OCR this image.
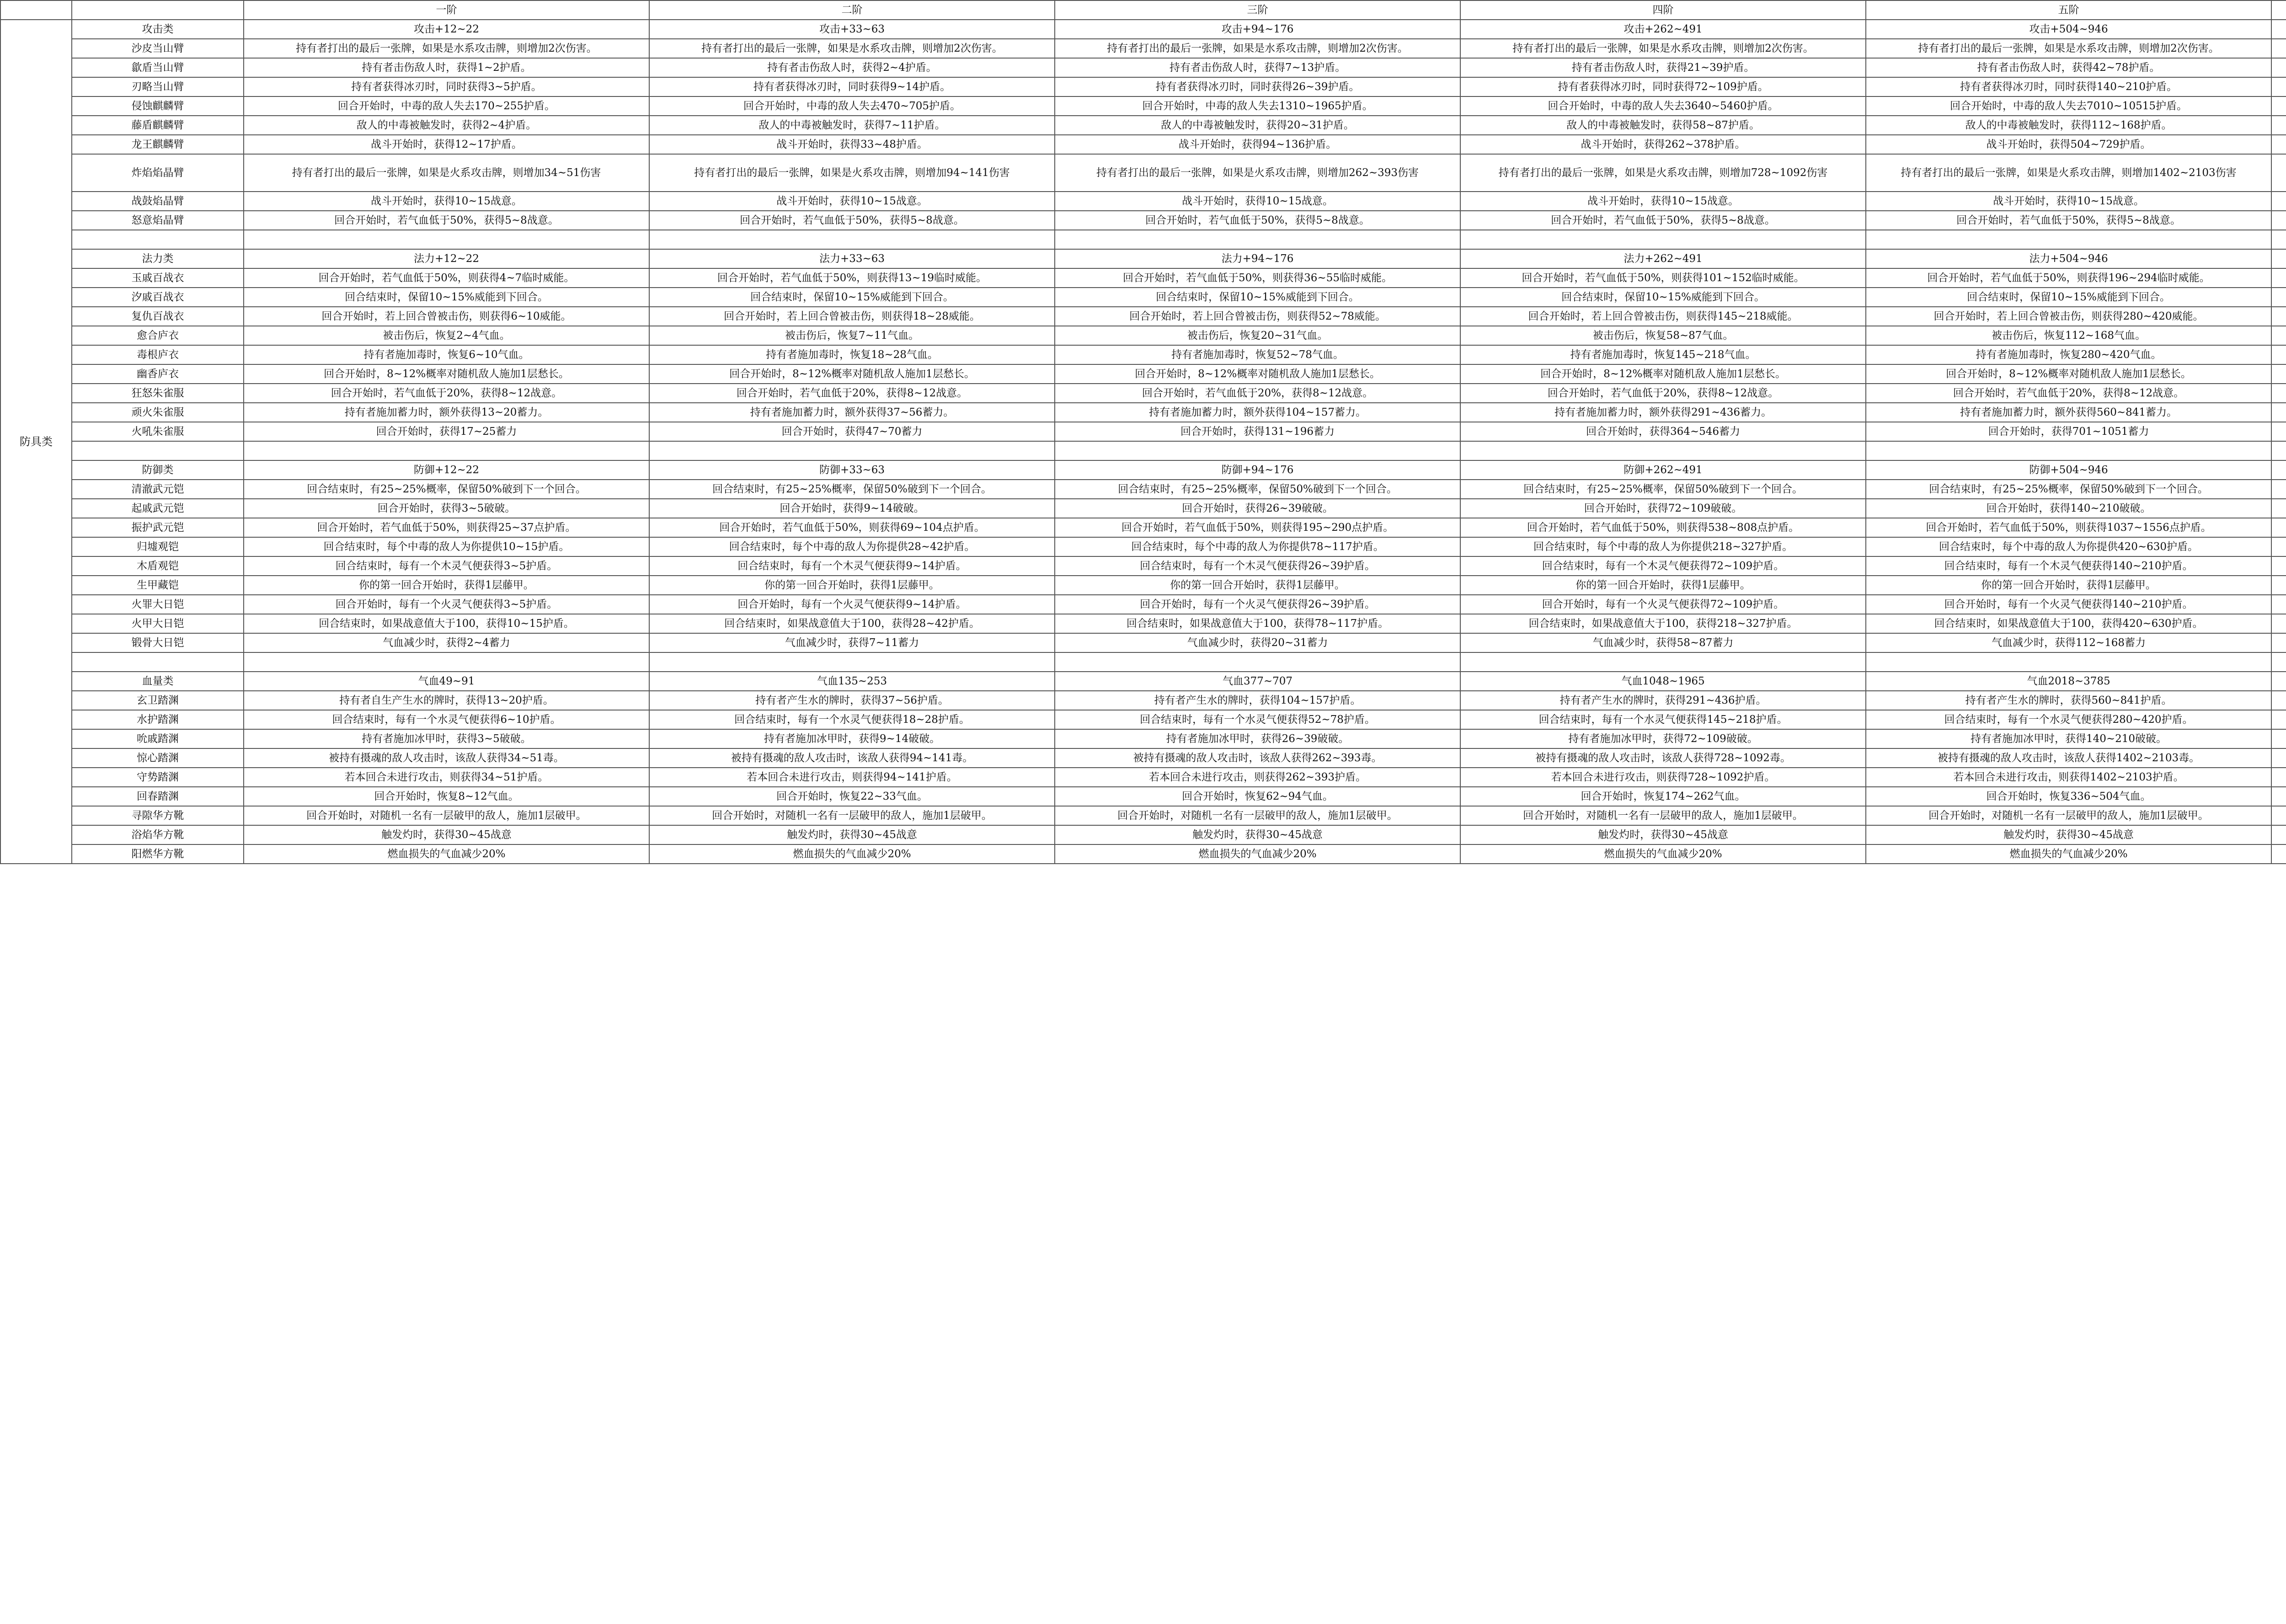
		一阶	二阶	三阶	四阶	五阶			
防具类	攻击类	攻击+12~22	攻击+33~63	攻击+94~176	攻击+262~491	攻击+504~946			
	沙皮当山臂	持有者打出的最后一张牌，如果是水系攻击牌，则增加2次伤害。	持有者打出的最后一张牌，如果是水系攻击牌，则增加2次伤害。	持有者打出的最后一张牌，如果是水系攻击牌，则增加2次伤害。	持有者打出的最后一张牌，如果是水系攻击牌，则增加2次伤害。	持有者打出的最后一张牌，如果是水系攻击牌，则增加2次伤害。			
	歙盾当山臂	持有者击伤敌人时，获得1~2护盾。	持有者击伤敌人时，获得2~4护盾。	持有者击伤敌人时，获得7~13护盾。	持有者击伤敌人时，获得21~39护盾。	持有者击伤敌人时，获得42~78护盾。			
	刃略当山臂	持有者获得冰刃时，同时获得3~5护盾。	持有者获得冰刃时，同时获得9~14护盾。	持有者获得冰刃时，同时获得26~39护盾。	持有者获得冰刃时，同时获得72~109护盾。	持有者获得冰刃时，同时获得140~210护盾。			
	侵蚀麒麟臂	回合开始时，中毒的敌人失去170~255护盾。	回合开始时，中毒的敌人失去470~705护盾。	回合开始时，中毒的敌人失去1310~1965护盾。	回合开始时，中毒的敌人失去3640~5460护盾。	回合开始时，中毒的敌人失去7010~10515护盾。			
	藤盾麒麟臂	敌人的中毒被触发时，获得2~4护盾。	敌人的中毒被触发时，获得7~11护盾。	敌人的中毒被触发时，获得20~31护盾。	敌人的中毒被触发时，获得58~87护盾。	敌人的中毒被触发时，获得112~168护盾。			
	龙王麒麟臂	战斗开始时，获得12~17护盾。	战斗开始时，获得33~48护盾。	战斗开始时，获得94~136护盾。	战斗开始时，获得262~378护盾。	战斗开始时，获得504~729护盾。			
	炸焰焰晶臂	持有者打出的最后一张牌，如果是火系攻击牌，则增加34~51伤害	持有者打出的最后一张牌，如果是火系攻击牌，则增加94~141伤害	持有者打出的最后一张牌，如果是火系攻击牌，则增加262~393伤害	持有者打出的最后一张牌，如果是火系攻击牌，则增加728~1092伤害	持有者打出的最后一张牌，如果是火系攻击牌，则增加1402~2103伤害			
	战鼓焰晶臂	战斗开始时，获得10~15战意。	战斗开始时，获得10~15战意。	战斗开始时，获得10~15战意。	战斗开始时，获得10~15战意。	战斗开始时，获得10~15战意。			
	怒意焰晶臂	回合开始时，若气血低于50%，获得5~8战意。	回合开始时，若气血低于50%，获得5~8战意。	回合开始时，若气血低于50%，获得5~8战意。	回合开始时，若气血低于50%，获得5~8战意。	回合开始时，若气血低于50%，获得5~8战意。			

	法力类	法力+12~22	法力+33~63	法力+94~176	法力+262~491	法力+504~946			
	玉戚百战衣	回合开始时，若气血低于50%，则获得4~7临时威能。	回合开始时，若气血低于50%，则获得13~19临时威能。	回合开始时，若气血低于50%，则获得36~55临时威能。	回合开始时，若气血低于50%，则获得101~152临时威能。	回合开始时，若气血低于50%，则获得196~294临时威能。			
	汐戚百战衣	回合结束时，保留10~15%威能到下回合。	回合结束时，保留10~15%威能到下回合。	回合结束时，保留10~15%威能到下回合。	回合结束时，保留10~15%威能到下回合。	回合结束时，保留10~15%威能到下回合。			
	复仇百战衣	回合开始时，若上回合曾被击伤，则获得6~10威能。	回合开始时，若上回合曾被击伤，则获得18~28威能。	回合开始时，若上回合曾被击伤，则获得52~78威能。	回合开始时，若上回合曾被击伤，则获得145~218威能。	回合开始时，若上回合曾被击伤，则获得280~420威能。			
	愈合庐衣	被击伤后，恢复2~4气血。	被击伤后，恢复7~11气血。	被击伤后，恢复20~31气血。	被击伤后，恢复58~87气血。	被击伤后，恢复112~168气血。			
	毒根庐衣	持有者施加毒时，恢复6~10气血。	持有者施加毒时，恢复18~28气血。	持有者施加毒时，恢复52~78气血。	持有者施加毒时，恢复145~218气血。	持有者施加毒时，恢复280~420气血。			
	幽香庐衣	回合开始时，8~12%概率对随机敌人施加1层愁长。	回合开始时，8~12%概率对随机敌人施加1层愁长。	回合开始时，8~12%概率对随机敌人施加1层愁长。	回合开始时，8~12%概率对随机敌人施加1层愁长。	回合开始时，8~12%概率对随机敌人施加1层愁长。			
	狂怒朱雀服	回合开始时，若气血低于20%，获得8~12战意。	回合开始时，若气血低于20%，获得8~12战意。	回合开始时，若气血低于20%，获得8~12战意。	回合开始时，若气血低于20%，获得8~12战意。	回合开始时，若气血低于20%，获得8~12战意。			
	顽火朱雀服	持有者施加蓄力时，额外获得13~20蓄力。	持有者施加蓄力时，额外获得37~56蓄力。	持有者施加蓄力时，额外获得104~157蓄力。	持有者施加蓄力时，额外获得291~436蓄力。	持有者施加蓄力时，额外获得560~841蓄力。			
	火吼朱雀服	回合开始时，获得17~25蓄力	回合开始时，获得47~70蓄力	回合开始时，获得131~196蓄力	回合开始时，获得364~546蓄力	回合开始时，获得701~1051蓄力			

	防御类	防御+12~22	防御+33~63	防御+94~176	防御+262~491	防御+504~946			
	清澈武元铠	回合结束时，有25~25%概率，保留50%破到下一个回合。	回合结束时，有25~25%概率，保留50%破到下一个回合。	回合结束时，有25~25%概率，保留50%破到下一个回合。	回合结束时，有25~25%概率，保留50%破到下一个回合。	回合结束时，有25~25%概率，保留50%破到下一个回合。			
	起戚武元铠	回合开始时，获得3~5破破。	回合开始时，获得9~14破破。	回合开始时，获得26~39破破。	回合开始时，获得72~109破破。	回合开始时，获得140~210破破。			
	振护武元铠	回合开始时，若气血低于50%，则获得25~37点护盾。	回合开始时，若气血低于50%，则获得69~104点护盾。	回合开始时，若气血低于50%，则获得195~290点护盾。	回合开始时，若气血低于50%，则获得538~808点护盾。	回合开始时，若气血低于50%，则获得1037~1556点护盾。			
	归墟观铠	回合结束时，每个中毒的敌人为你提供10~15护盾。	回合结束时，每个中毒的敌人为你提供28~42护盾。	回合结束时，每个中毒的敌人为你提供78~117护盾。	回合结束时，每个中毒的敌人为你提供218~327护盾。	回合结束时，每个中毒的敌人为你提供420~630护盾。			
	木盾观铠	回合结束时，每有一个木灵气便获得3~5护盾。	回合结束时，每有一个木灵气便获得9~14护盾。	回合结束时，每有一个木灵气便获得26~39护盾。	回合结束时，每有一个木灵气便获得72~109护盾。	回合结束时，每有一个木灵气便获得140~210护盾。			
	生甲藏铠	你的第一回合开始时，获得1层藤甲。	你的第一回合开始时，获得1层藤甲。	你的第一回合开始时，获得1层藤甲。	你的第一回合开始时，获得1层藤甲。	你的第一回合开始时，获得1层藤甲。			
	火罪大日铠	回合开始时，每有一个火灵气便获得3~5护盾。	回合开始时，每有一个火灵气便获得9~14护盾。	回合开始时，每有一个火灵气便获得26~39护盾。	回合开始时，每有一个火灵气便获得72~109护盾。	回合开始时，每有一个火灵气便获得140~210护盾。			
	火甲大日铠	回合结束时，如果战意值大于100，获得10~15护盾。	回合结束时，如果战意值大于100，获得28~42护盾。	回合结束时，如果战意值大于100，获得78~117护盾。	回合结束时，如果战意值大于100，获得218~327护盾。	回合结束时，如果战意值大于100，获得420~630护盾。			
	锻骨大日铠	气血减少时，获得2~4蓄力	气血减少时，获得7~11蓄力	气血减少时，获得20~31蓄力	气血减少时，获得58~87蓄力	气血减少时，获得112~168蓄力			

	血量类	气血49~91	气血135~253	气血377~707	气血1048~1965	气血2018~3785			
	玄卫踏渊	持有者自生产生水的牌时，获得13~20护盾。	持有者产生水的牌时，获得37~56护盾。	持有者产生水的牌时，获得104~157护盾。	持有者产生水的牌时，获得291~436护盾。	持有者产生水的牌时，获得560~841护盾。			
	水护踏渊	回合结束时，每有一个水灵气便获得6~10护盾。	回合结束时，每有一个水灵气便获得18~28护盾。	回合结束时，每有一个水灵气便获得52~78护盾。	回合结束时，每有一个水灵气便获得145~218护盾。	回合结束时，每有一个水灵气便获得280~420护盾。			
	吮戚踏渊	持有者施加冰甲时，获得3~5破破。	持有者施加冰甲时，获得9~14破破。	持有者施加冰甲时，获得26~39破破。	持有者施加冰甲时，获得72~109破破。	持有者施加冰甲时，获得140~210破破。			
	惊心踏渊	被持有摄魂的敌人攻击时，该敌人获得34~51毒。	被持有摄魂的敌人攻击时，该敌人获得94~141毒。	被持有摄魂的敌人攻击时，该敌人获得262~393毒。	被持有摄魂的敌人攻击时，该敌人获得728~1092毒。	被持有摄魂的敌人攻击时，该敌人获得1402~2103毒。			
	守势踏渊	若本回合未进行攻击，则获得34~51护盾。	若本回合未进行攻击，则获得94~141护盾。	若本回合未进行攻击，则获得262~393护盾。	若本回合未进行攻击，则获得728~1092护盾。	若本回合未进行攻击，则获得1402~2103护盾。			
	回春踏渊	回合开始时，恢复8~12气血。	回合开始时，恢复22~33气血。	回合开始时，恢复62~94气血。	回合开始时，恢复174~262气血。	回合开始时，恢复336~504气血。			
	寻隙华方靴	回合开始时，对随机一名有一层破甲的敌人，施加1层破甲。	回合开始时，对随机一名有一层破甲的敌人，施加1层破甲。	回合开始时，对随机一名有一层破甲的敌人，施加1层破甲。	回合开始时，对随机一名有一层破甲的敌人，施加1层破甲。	回合开始时，对随机一名有一层破甲的敌人，施加1层破甲。			
	浴焰华方靴	触发灼时，获得30~45战意	触发灼时，获得30~45战意	触发灼时，获得30~45战意	触发灼时，获得30~45战意	触发灼时，获得30~45战意			
	阳燃华方靴	燃血损失的气血减少20%	燃血损失的气血减少20%	燃血损失的气血减少20%	燃血损失的气血减少20%	燃血损失的气血减少20%			
